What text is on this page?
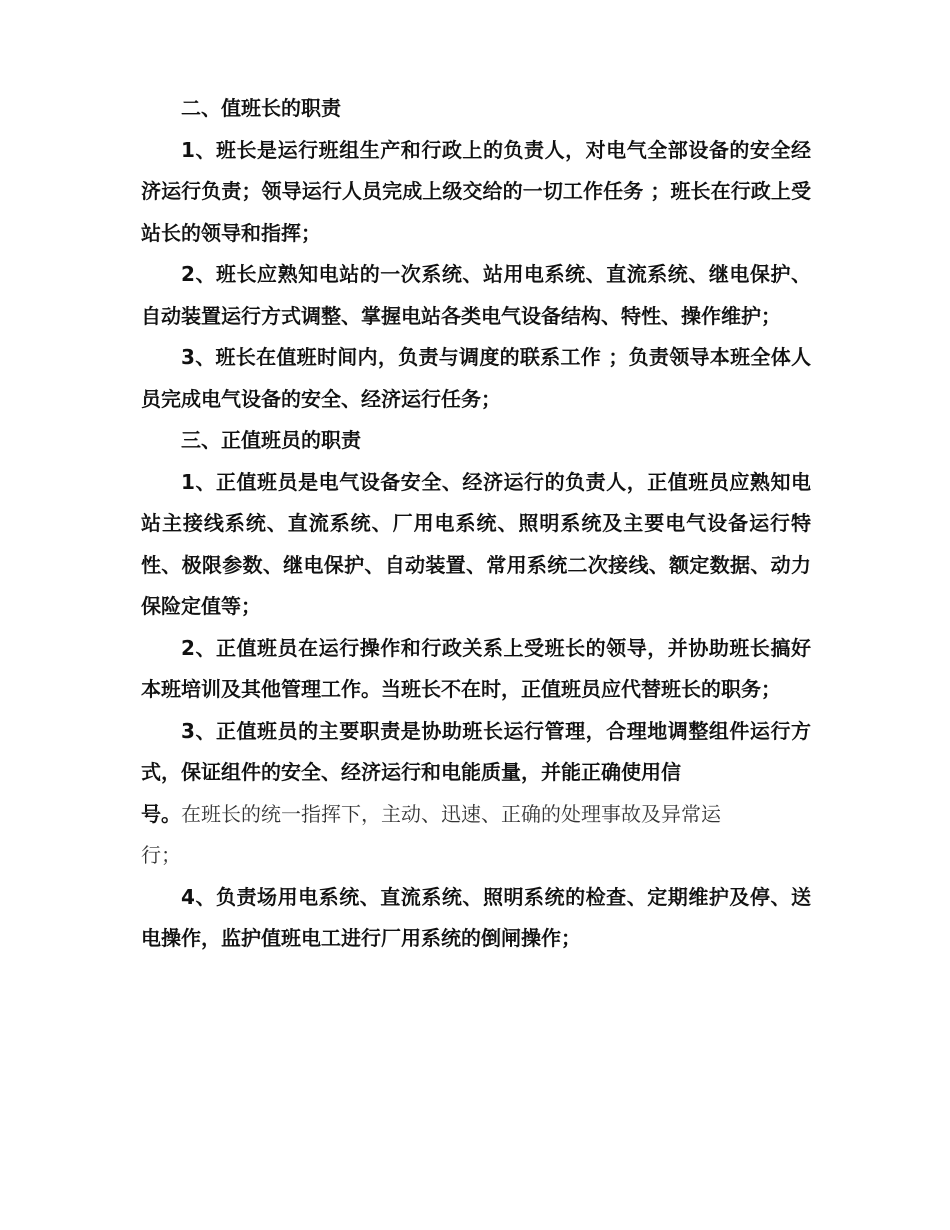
二、值班长的职责

1、班长是运行班组生产和行政上的负责人，对电气全部设备的安全经济运行负责；领导运行人员完成上级交给的一切工作任务 ；班长在行政上受站长的领导和指挥；

2、班长应熟知电站的一次系统、站用电系统、直流系统、继电保护、自动装置运行方式调整、掌握电站各类电气设备结构、特性、操作维护；

3、班长在值班时间内，负责与调度的联系工作 ；负责领导本班全体人员完成电气设备的安全、经济运行任务；

三、正值班员的职责

1、正值班员是电气设备安全、经济运行的负责人，正值班员应熟知电站主接线系统、直流系统、厂用电系统、照明系统及主要电气设备运行特性、极限参数、继电保护、自动装置、常用系统二次接线、额定数据、动力保险定值等；

2、正值班员在运行操作和行政关系上受班长的领导，并协助班长搞好本班培训及其他管理工作。当班长不在时，正值班员应代替班长的职务；

3、正值班员的主要职责是协助班长运行管理，合理地调整组件运行方式，保证组件的安全、经济运行和电能质量，并能正确使用信
号。在班长的统一指挥下，主动、迅速、正确的处理事故及异常运
行；

4、负责场用电系统、直流系统、照明系统的检查、定期维护及停、送电操作，监护值班电工进行厂用系统的倒闸操作；
